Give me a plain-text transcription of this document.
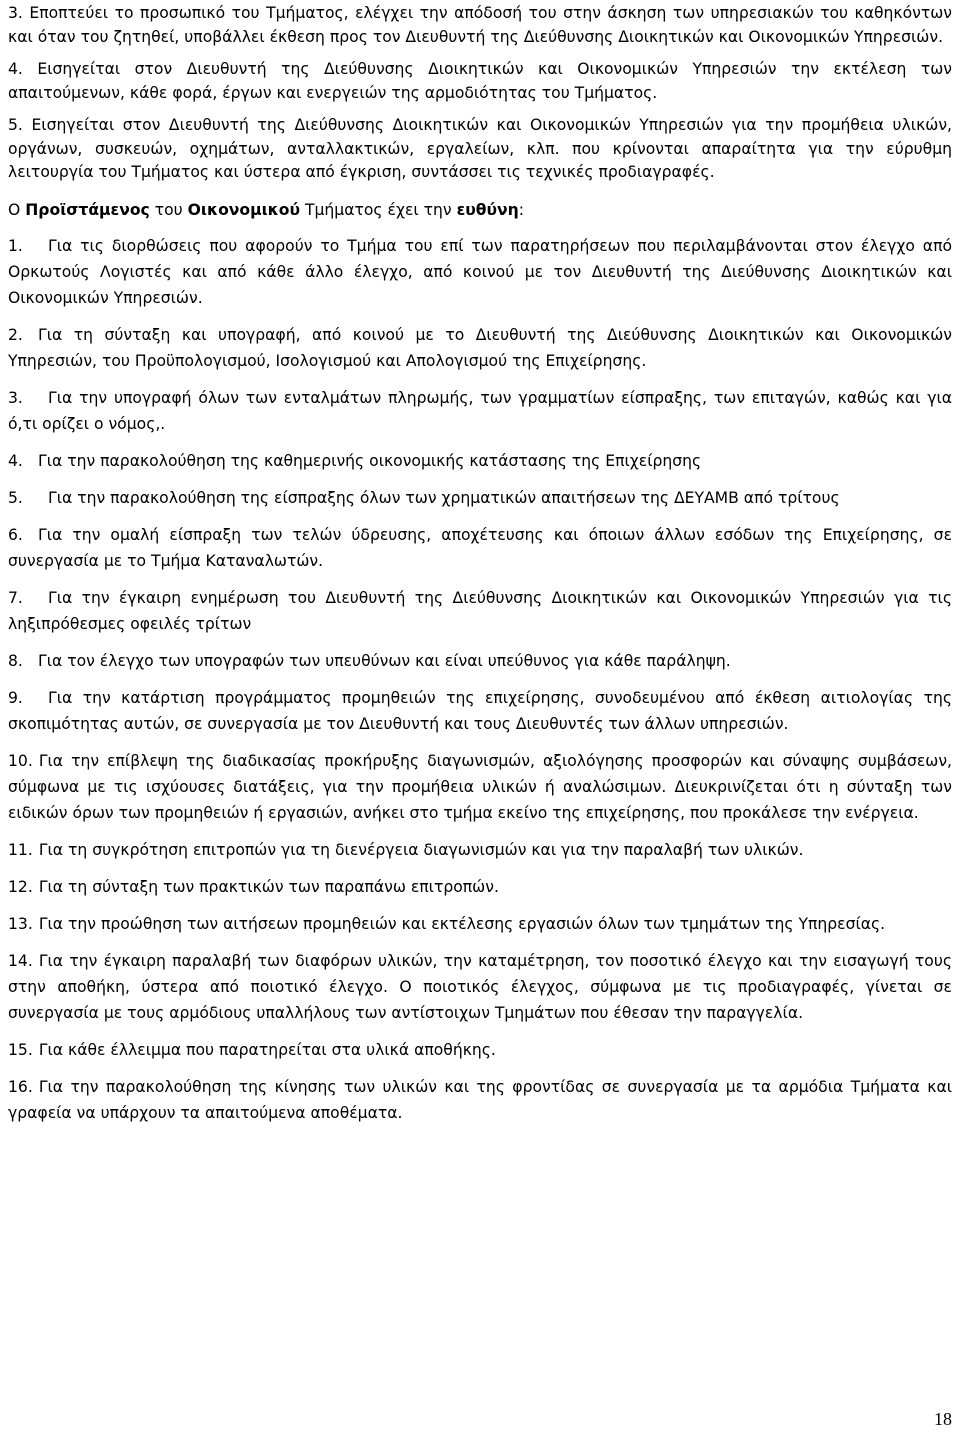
3. Εποπτεύει το προσωπικό του Τμήματος, ελέγχει την απόδοσή του στην άσκηση των υπηρεσιακών του καθηκόντων και όταν του ζητηθεί, υποβάλλει έκθεση προς τον Διευθυντή της Διεύθυνσης Διοικητικών και Οικονομικών Υπηρεσιών.

4. Εισηγείται στον Διευθυντή της Διεύθυνσης Διοικητικών και Οικονομικών Υπηρεσιών την εκτέλεση των απαιτούμενων, κάθε φορά, έργων και ενεργειών της αρμοδιότητας του Τμήματος.

5. Εισηγείται στον Διευθυντή της Διεύθυνσης Διοικητικών και Οικονομικών Υπηρεσιών για την προμήθεια υλικών, οργάνων, συσκευών, οχημάτων, ανταλλακτικών, εργαλείων, κλπ. που κρίνονται απαραίτητα για την εύρυθμη λειτουργία του Τμήματος και ύστερα από έγκριση, συντάσσει τις τεχνικές προδιαγραφές.

Ο Προϊστάμενος του Οικονομικού Τμήματος έχει την ευθύνη:

1. Για τις διορθώσεις που αφορούν το Τμήμα του επί των παρατηρήσεων που περιλαμβάνονται στον έλεγχο από Ορκωτούς Λογιστές και από κάθε άλλο έλεγχο, από κοινού με τον Διευθυντή της Διεύθυνσης Διοικητικών και Οικονομικών Υπηρεσιών.

2. Για τη σύνταξη και υπογραφή, από κοινού με το Διευθυντή της Διεύθυνσης Διοικητικών και Οικονομικών Υπηρεσιών, του Προϋπολογισμού, Ισολογισμού και Απολογισμού της Επιχείρησης.

3. Για την υπογραφή όλων των ενταλμάτων πληρωμής, των γραμματίων είσπραξης, των επιταγών, καθώς και για ό,τι ορίζει ο νόμος,.

4. Για την παρακολούθηση της καθημερινής οικονομικής κατάστασης της Επιχείρησης

5. Για την παρακολούθηση της είσπραξης όλων των χρηματικών απαιτήσεων της ΔΕΥΑΜΒ από τρίτους

6. Για την ομαλή είσπραξη των τελών ύδρευσης, αποχέτευσης και όποιων άλλων εσόδων της Επιχείρησης, σε συνεργασία με το Τμήμα Καταναλωτών.

7. Για την έγκαιρη ενημέρωση του Διευθυντή της Διεύθυνσης Διοικητικών και Οικονομικών Υπηρεσιών για τις ληξιπρόθεσμες οφειλές τρίτων

8. Για τον έλεγχο των υπογραφών των υπευθύνων και είναι υπεύθυνος για κάθε παράληψη.

9. Για την κατάρτιση προγράμματος προμηθειών της επιχείρησης, συνοδευμένου από έκθεση αιτιολογίας της σκοπιμότητας αυτών, σε συνεργασία με τον Διευθυντή και τους Διευθυντές των άλλων υπηρεσιών.

10. Για την επίβλεψη της διαδικασίας προκήρυξης διαγωνισμών, αξιολόγησης προσφορών και σύναψης συμβάσεων, σύμφωνα με τις ισχύουσες διατάξεις, για την προμήθεια υλικών ή αναλώσιμων. Διευκρινίζεται ότι η σύνταξη των ειδικών όρων των προμηθειών ή εργασιών, ανήκει στο τμήμα εκείνο της επιχείρησης, που προκάλεσε την ενέργεια.

11. Για τη συγκρότηση επιτροπών για τη διενέργεια διαγωνισμών και για την παραλαβή των υλικών.

12. Για τη σύνταξη των πρακτικών των παραπάνω επιτροπών.

13. Για την προώθηση των αιτήσεων προμηθειών και εκτέλεσης εργασιών όλων των τμημάτων της Υπηρεσίας.

14. Για την έγκαιρη παραλαβή των διαφόρων υλικών, την καταμέτρηση, τον ποσοτικό έλεγχο και την εισαγωγή τους στην αποθήκη, ύστερα από ποιοτικό έλεγχο. Ο ποιοτικός έλεγχος, σύμφωνα με τις προδιαγραφές, γίνεται σε συνεργασία με τους αρμόδιους υπαλλήλους των αντίστοιχων Τμημάτων που έθεσαν την παραγγελία.

15. Για κάθε έλλειμμα που παρατηρείται στα υλικά αποθήκης.

16. Για την παρακολούθηση της κίνησης των υλικών και της φροντίδας σε συνεργασία με τα αρμόδια Τμήματα και γραφεία να υπάρχουν τα απαιτούμενα αποθέματα.

18
